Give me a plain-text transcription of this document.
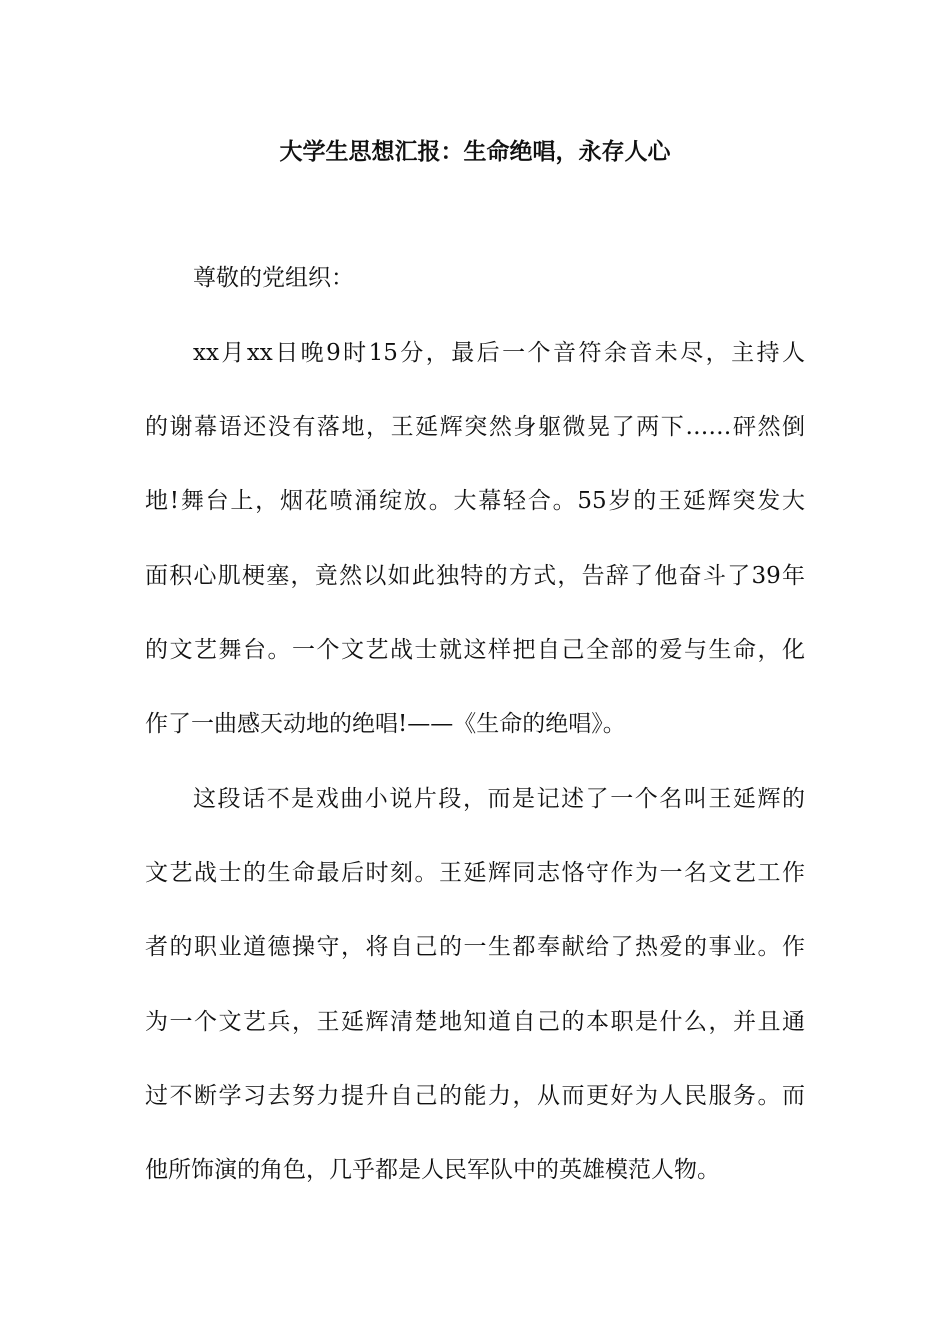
大学生思想汇报：生命绝唱，永存人心
尊敬的党组织：
xx月xx日晚9时15分，最后一个音符余音未尽，主持人
的谢幕语还没有落地，王延辉突然身躯微晃了两下……砰然倒
地!舞台上，烟花喷涌绽放。大幕轻合。55岁的王延辉突发大
面积心肌梗塞，竟然以如此独特的方式，告辞了他奋斗了39年
的文艺舞台。一个文艺战士就这样把自己全部的爱与生命，化
作了一曲感天动地的绝唱!——《生命的绝唱》。
这段话不是戏曲小说片段，而是记述了一个名叫王延辉的
文艺战士的生命最后时刻。王延辉同志恪守作为一名文艺工作
者的职业道德操守，将自己的一生都奉献给了热爱的事业。作
为一个文艺兵，王延辉清楚地知道自己的本职是什么，并且通
过不断学习去努力提升自己的能力，从而更好为人民服务。而
他所饰演的角色，几乎都是人民军队中的英雄模范人物。
